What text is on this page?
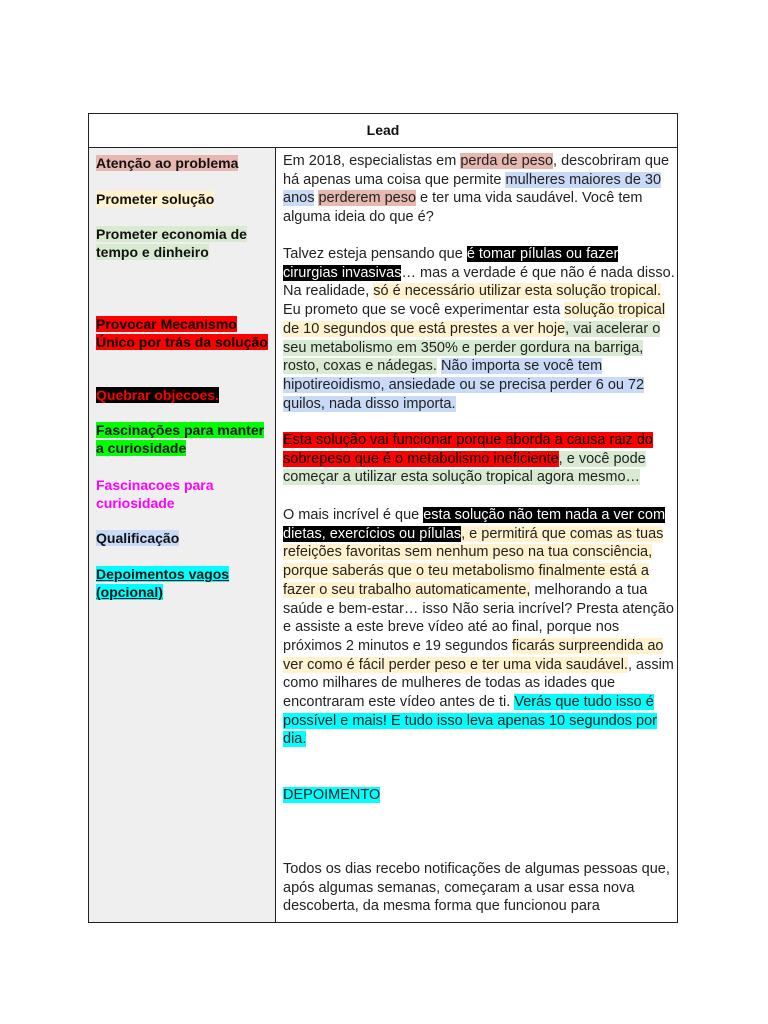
Lead
Atenção ao problema
Prometer solução
Prometer economia de tempo e dinheiro
Provocar Mecanismo Único por trás da solução
Quebrar objecoes.
Fascinações para manter a curiosidade
Fascinacoes para curiosidade
Qualificação
Depoimentos vagos (opcional)
Em 2018, especialistas em perda de peso, descobriram que há apenas uma coisa que permite mulheres maiores de 30 anos perderem peso e ter uma vida saudável. Você tem alguma ideia do que é?
Talvez esteja pensando que é tomar pílulas ou fazer cirurgias invasivas… mas a verdade é que não é nada disso. Na realidade, só é necessário utilizar esta solução tropical. Eu prometo que se você experimentar esta solução tropical de 10 segundos que está prestes a ver hoje, vai acelerar o seu metabolismo em 350% e perder gordura na barriga, rosto, coxas e nádegas. Não importa se você tem hipotireoidismo, ansiedade ou se precisa perder 6 ou 72 quilos, nada disso importa.
Esta solução vai funcionar porque aborda a causa raiz do sobrepeso que é o metabolismo ineficiente, e você pode começar a utilizar esta solução tropical agora mesmo…
O mais incrível é que esta solução não tem nada a ver com dietas, exercícios ou pílulas, e permitirá que comas as tuas refeições favoritas sem nenhum peso na tua consciência, porque saberás que o teu metabolismo finalmente está a fazer o seu trabalho automaticamente, melhorando a tua saúde e bem-estar… isso Não seria incrível? Presta atenção e assiste a este breve vídeo até ao final, porque nos próximos 2 minutos e 19 segundos ficarás surpreendida ao ver como é fácil perder peso e ter uma vida saudável., assim como milhares de mulheres de todas as idades que encontraram este vídeo antes de ti. Verás que tudo isso é possível e mais! E tudo isso leva apenas 10 segundos por dia.
DEPOIMENTO
Todos os dias recebo notificações de algumas pessoas que, após algumas semanas, começaram a usar essa nova descoberta, da mesma forma que funcionou para
